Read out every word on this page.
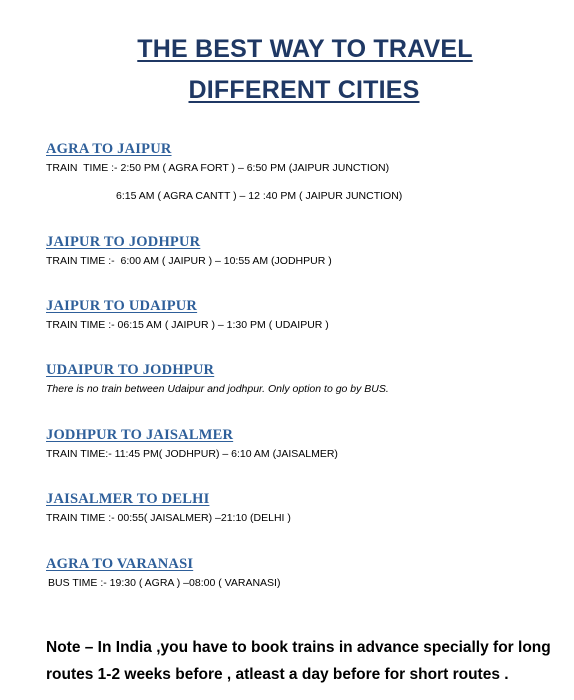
THE BEST WAY TO TRAVEL
DIFFERENT CITIES
AGRA TO JAIPUR

TRAIN  TIME :- 2:50 PM ( AGRA FORT ) – 6:50 PM (JAIPUR JUNCTION)

6:15 AM ( AGRA CANTT ) – 12 :40 PM ( JAIPUR JUNCTION)

JAIPUR TO JODHPUR

TRAIN TIME :-  6:00 AM ( JAIPUR ) – 10:55 AM (JODHPUR )

JAIPUR TO UDAIPUR

TRAIN TIME :- 06:15 AM ( JAIPUR ) – 1:30 PM ( UDAIPUR )

UDAIPUR TO JODHPUR

There is no train between Udaipur and jodhpur. Only option to go by BUS.

JODHPUR TO JAISALMER

TRAIN TIME:- 11:45 PM( JODHPUR) – 6:10 AM (JAISALMER)

JAISALMER TO DELHI

TRAIN TIME :- 00:55( JAISALMER) –21:10 (DELHI )

AGRA TO VARANASI

BUS TIME :- 19:30 ( AGRA ) –08:00 ( VARANASI)

Note – In India ,you have to book trains in advance specially for long routes 1-2 weeks before , atleast a day before for short routes .
